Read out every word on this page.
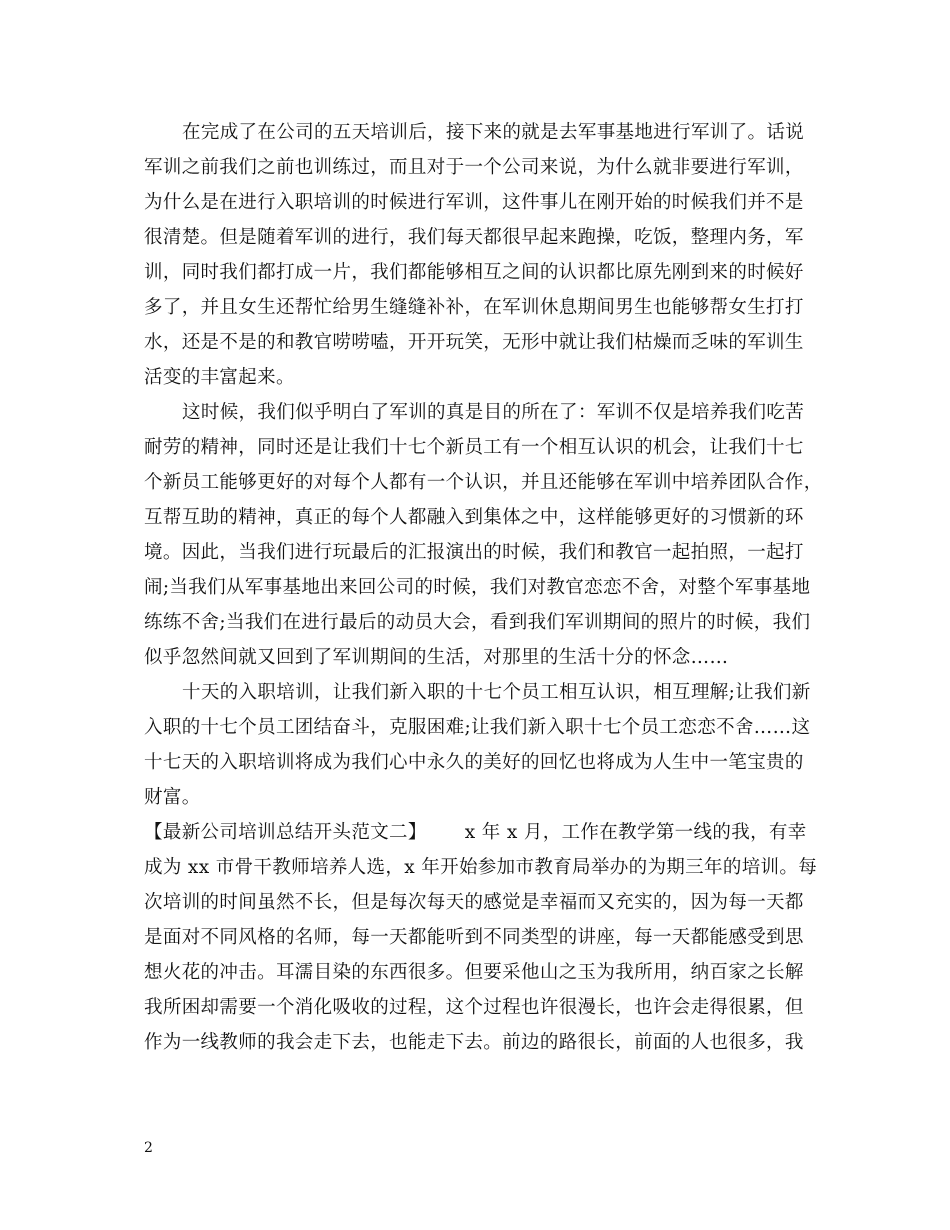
在完成了在公司的五天培训后，接下来的就是去军事基地进行军训了。话说
军训之前我们之前也训练过，而且对于一个公司来说，为什么就非要进行军训，
为什么是在进行入职培训的时候进行军训，这件事儿在刚开始的时候我们并不是
很清楚。但是随着军训的进行，我们每天都很早起来跑操，吃饭，整理内务，军
训，同时我们都打成一片，我们都能够相互之间的认识都比原先刚到来的时候好
多了，并且女生还帮忙给男生缝缝补补，在军训休息期间男生也能够帮女生打打
水，还是不是的和教官唠唠嗑，开开玩笑，无形中就让我们枯燥而乏味的军训生
活变的丰富起来。
这时候，我们似乎明白了军训的真是目的所在了：军训不仅是培养我们吃苦
耐劳的精神，同时还是让我们十七个新员工有一个相互认识的机会，让我们十七
个新员工能够更好的对每个人都有一个认识，并且还能够在军训中培养团队合作，
互帮互助的精神，真正的每个人都融入到集体之中，这样能够更好的习惯新的环
境。因此，当我们进行玩最后的汇报演出的时候，我们和教官一起拍照，一起打
闹;当我们从军事基地出来回公司的时候，我们对教官恋恋不舍，对整个军事基地
练练不舍;当我们在进行最后的动员大会，看到我们军训期间的照片的时候，我们
似乎忽然间就又回到了军训期间的生活，对那里的生活十分的怀念……
十天的入职培训，让我们新入职的十七个员工相互认识，相互理解;让我们新
入职的十七个员工团结奋斗，克服困难;让我们新入职十七个员工恋恋不舍……这
十七天的入职培训将成为我们心中永久的美好的回忆也将成为人生中一笔宝贵的
财富。
【最新公司培训总结开头范文二】 x 年 x 月，工作在教学第一线的我，有幸
成为 xx 市骨干教师培养人选，x 年开始参加市教育局举办的为期三年的培训。每
次培训的时间虽然不长，但是每次每天的感觉是幸福而又充实的，因为每一天都
是面对不同风格的名师，每一天都能听到不同类型的讲座，每一天都能感受到思
想火花的冲击。耳濡目染的东西很多。但要采他山之玉为我所用，纳百家之长解
我所困却需要一个消化吸收的过程，这个过程也许很漫长，也许会走得很累，但
作为一线教师的我会走下去，也能走下去。前边的路很长，前面的人也很多，我
2
